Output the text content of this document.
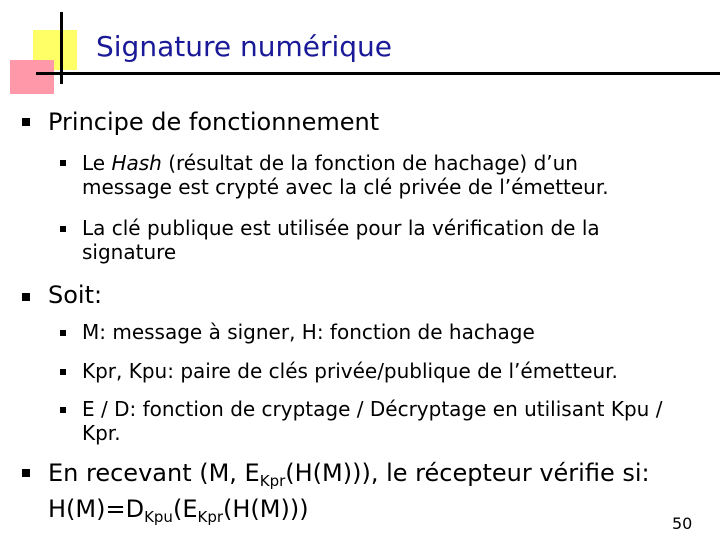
Signature numérique
Principe de fonctionnement
Le Hash (résultat de la fonction de hachage) d’un
message est crypté avec la clé privée de l’émetteur.
La clé publique est utilisée pour la vérification de la
signature
Soit:
M: message à signer, H: fonction de hachage
Kpr, Kpu: paire de clés privée/publique de l’émetteur.
E / D: fonction de cryptage / Décryptage en utilisant Kpu /
Kpr.
En recevant (M, $E_{Kpr}(H(M))$), le récepteur vérifie si:
$H(M)=D_{Kpu}(E_{Kpr}(H(M)))$
50
